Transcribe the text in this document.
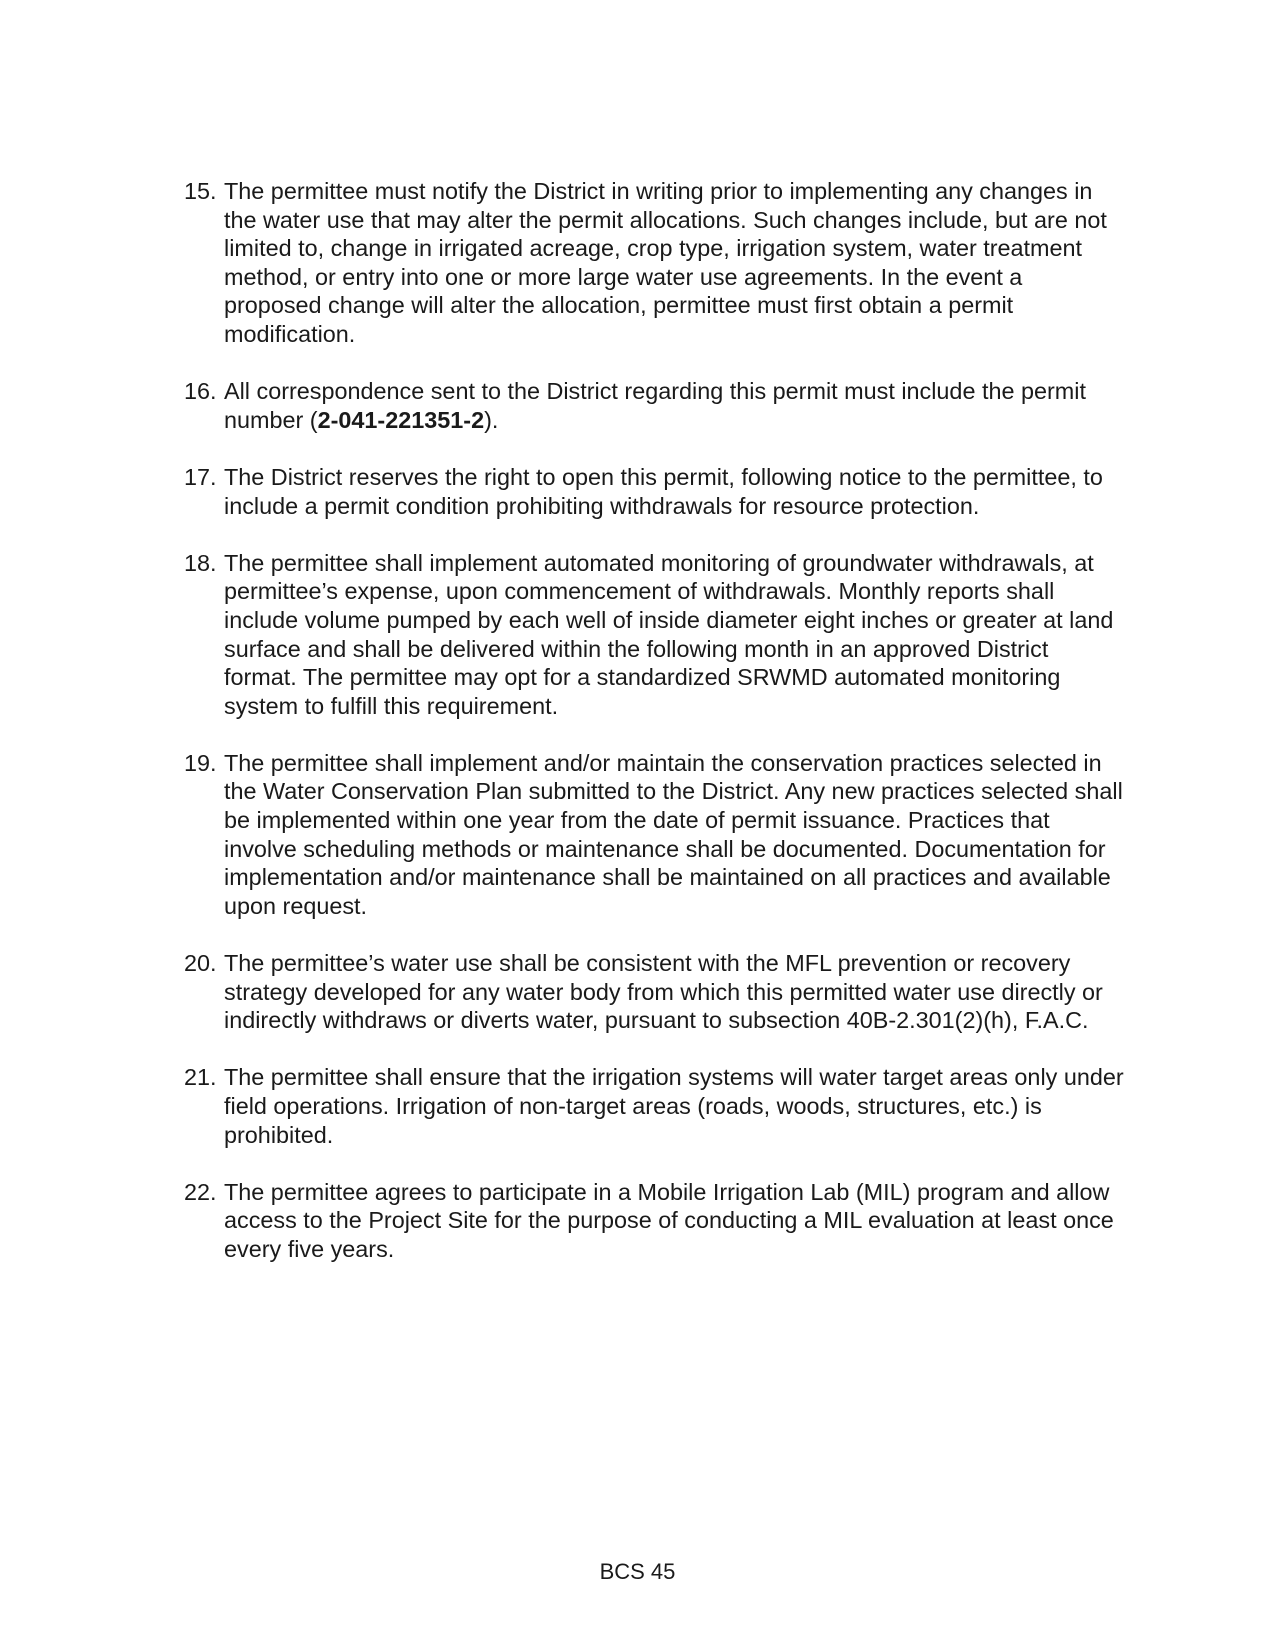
15. The permittee must notify the District in writing prior to implementing any changes in the water use that may alter the permit allocations. Such changes include, but are not limited to, change in irrigated acreage, crop type, irrigation system, water treatment method, or entry into one or more large water use agreements. In the event a proposed change will alter the allocation, permittee must first obtain a permit modification.
16. All correspondence sent to the District regarding this permit must include the permit number (2-041-221351-2).
17. The District reserves the right to open this permit, following notice to the permittee, to include a permit condition prohibiting withdrawals for resource protection.
18. The permittee shall implement automated monitoring of groundwater withdrawals, at permittee’s expense, upon commencement of withdrawals. Monthly reports shall include volume pumped by each well of inside diameter eight inches or greater at land surface and shall be delivered within the following month in an approved District format. The permittee may opt for a standardized SRWMD automated monitoring system to fulfill this requirement.
19. The permittee shall implement and/or maintain the conservation practices selected in the Water Conservation Plan submitted to the District. Any new practices selected shall be implemented within one year from the date of permit issuance. Practices that involve scheduling methods or maintenance shall be documented. Documentation for implementation and/or maintenance shall be maintained on all practices and available upon request.
20. The permittee’s water use shall be consistent with the MFL prevention or recovery strategy developed for any water body from which this permitted water use directly or indirectly withdraws or diverts water, pursuant to subsection 40B-2.301(2)(h), F.A.C.
21. The permittee shall ensure that the irrigation systems will water target areas only under field operations. Irrigation of non-target areas (roads, woods, structures, etc.) is prohibited.
22. The permittee agrees to participate in a Mobile Irrigation Lab (MIL) program and allow access to the Project Site for the purpose of conducting a MIL evaluation at least once every five years.
BCS 45
